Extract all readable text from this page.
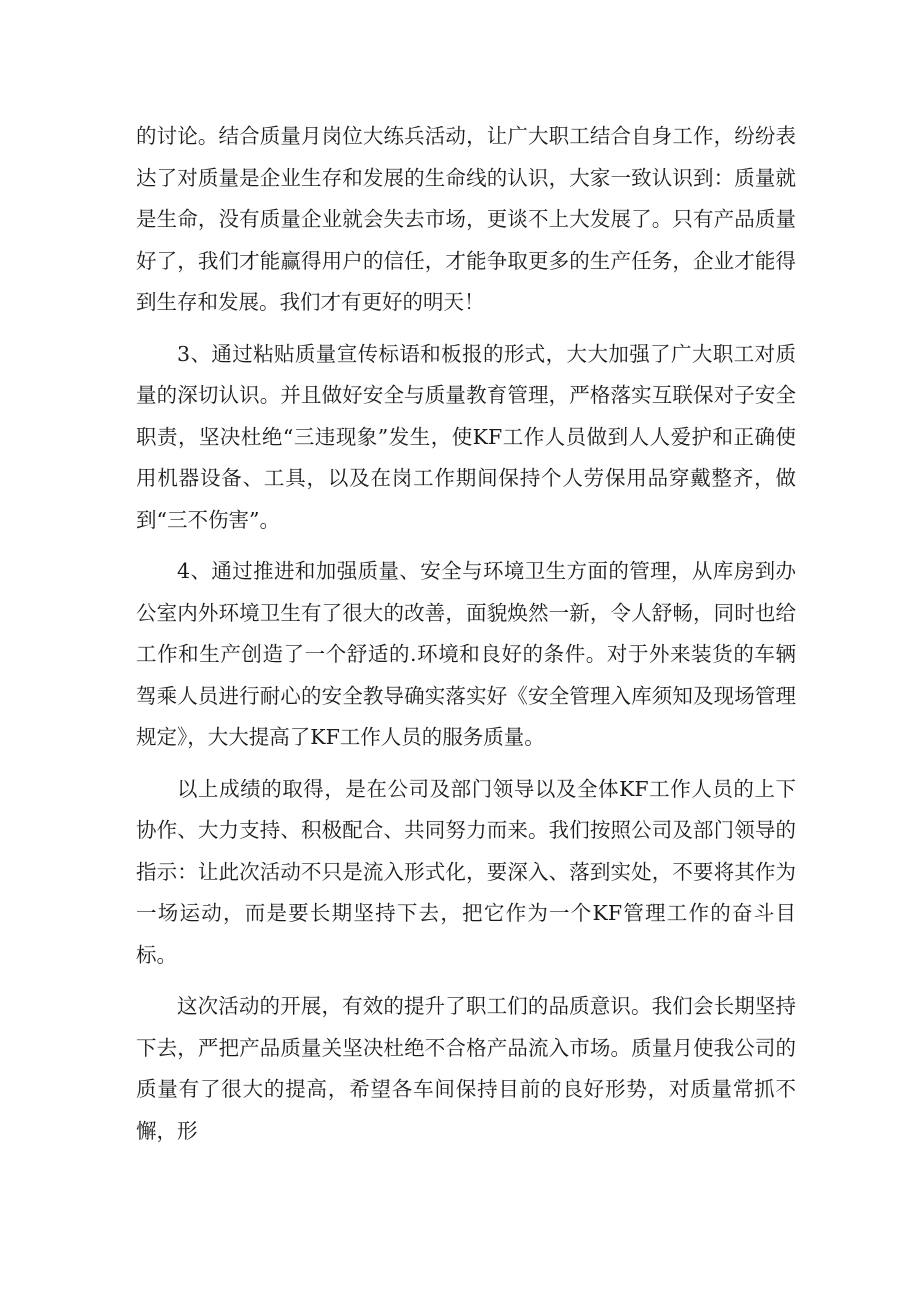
的讨论。结合质量月岗位大练兵活动，让广大职工结合自身工作，纷纷表达了对质量是企业生存和发展的生命线的认识，大家一致认识到：质量就是生命，没有质量企业就会失去市场，更谈不上大发展了。只有产品质量好了，我们才能赢得用户的信任，才能争取更多的生产任务，企业才能得到生存和发展。我们才有更好的明天！

3、通过粘贴质量宣传标语和板报的形式，大大加强了广大职工对质量的深切认识。并且做好安全与质量教育管理，严格落实互联保对子安全职责，坚决杜绝“三违现象”发生，使KF工作人员做到人人爱护和正确使用机器设备、工具，以及在岗工作期间保持个人劳保用品穿戴整齐，做到“三不伤害”。

4、通过推进和加强质量、安全与环境卫生方面的管理，从库房到办公室内外环境卫生有了很大的改善，面貌焕然一新，令人舒畅，同时也给工作和生产创造了一个舒适的.环境和良好的条件。对于外来装货的车辆驾乘人员进行耐心的安全教导确实落实好《安全管理入库须知及现场管理规定》，大大提高了KF工作人员的服务质量。

以上成绩的取得，是在公司及部门领导以及全体KF工作人员的上下协作、大力支持、积极配合、共同努力而来。我们按照公司及部门领导的指示：让此次活动不只是流入形式化，要深入、落到实处，不要将其作为一场运动，而是要长期坚持下去，把它作为一个KF管理工作的奋斗目标。

这次活动的开展，有效的提升了职工们的品质意识。我们会长期坚持下去，严把产品质量关坚决杜绝不合格产品流入市场。质量月使我公司的质量有了很大的提高，希望各车间保持目前的良好形势，对质量常抓不懈，形
